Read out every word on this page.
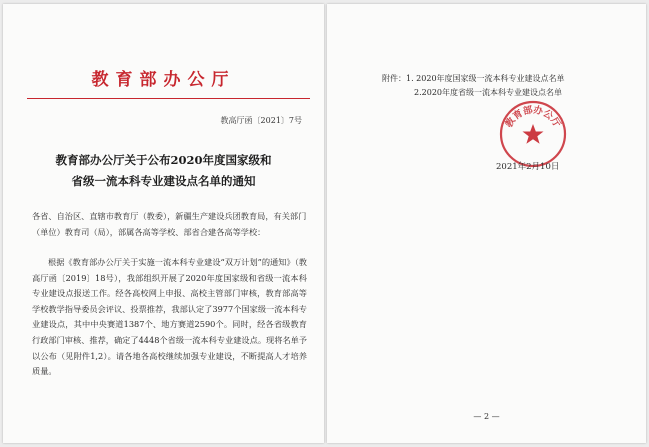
教育部办公厅
教高厅函〔2021〕7号
教育部办公厅关于公布2020年度国家级和
省级一流本科专业建设点名单的通知
各省、自治区、直辖市教育厅（教委），新疆生产建设兵团教育局，有关部门（单位）教育司（局），部属各高等学校、部省合建各高等学校：
根据《教育部办公厅关于实施一流本科专业建设“双万计划”的通知》（教高厅函〔2019〕18号），我部组织开展了2020年度国家级和省级一流本科专业建设点报送工作。经各高校网上申报、高校主管部门审核，教育部高等学校教学指导委员会评议、投票推荐，我部认定了3977个国家级一流本科专业建设点，其中中央赛道1387个、地方赛道2590个。同时，经各省级教育行政部门审核、推荐，确定了4448个省级一流本科专业建设点。现将名单予以公布（见附件1,2）。请各地各高校继续加强专业建设，不断提高人才培养质量。
附件：1. 2020年度国家级一流本科专业建设点名单
2.2020年度省级一流本科专业建设点名单
教育部办公厅
2021年2月10日
— 2 —
